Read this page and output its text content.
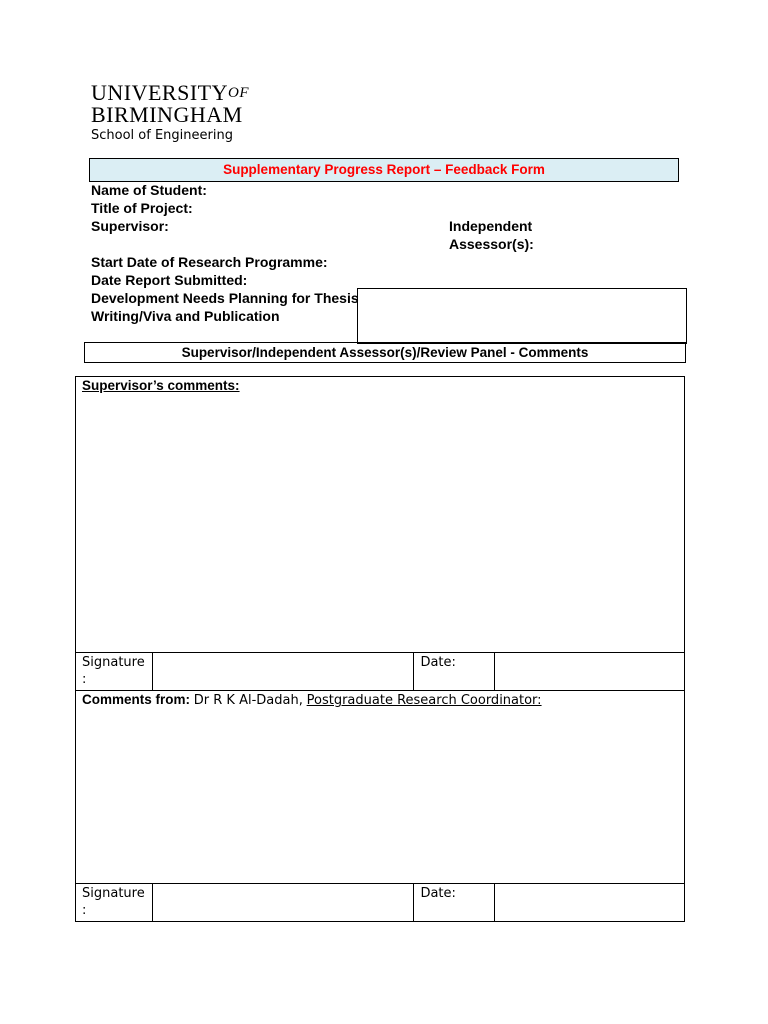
$UNIVERSITY^{OF}$
BIRMINGHAM
School of Engineering
Supplementary Progress Report – Feedback Form
Name of Student:
Title of Project:
Supervisor:	Independent
Assessor(s):
Start Date of Research Programme:
Date Report Submitted:
Development Needs Planning for Thesis
Writing/Viva and Publication
Supervisor/Independent Assessor(s)/Review Panel - Comments
Supervisor’s comments:			

Signature
:		Date:	
Comments from: Dr R K Al-Dadah, Postgraduate Research Coordinator:			

Signature
:		Date:	
